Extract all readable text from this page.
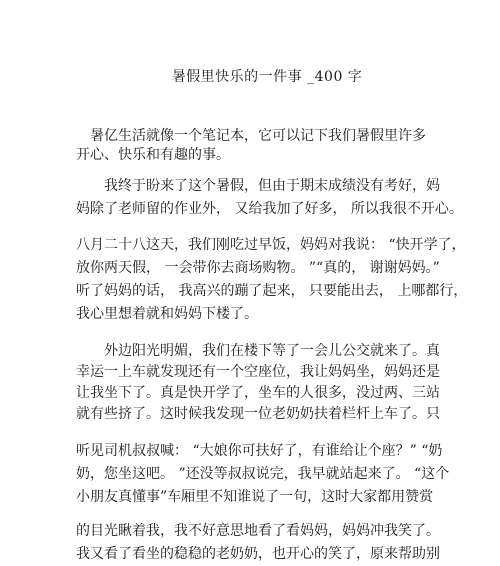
暑假里快乐的一件事 _400 字
暑亿生活就像一个笔记本，它可以记下我们暑假里许多
开心、快乐和有趣的事。
我终于盼来了这个暑假，但由于期末成绩没有考好，妈
妈除了老师留的作业外， 又给我加了好多， 所以我很不开心。
八月二十八这天，我们刚吃过早饭，妈妈对我说： “快开学了，
放你两天假， 一会带你去商场购物。 ”“真的， 谢谢妈妈。”
听了妈妈的话， 我高兴的蹦了起来， 只要能出去， 上哪都行，
我心里想着就和妈妈下楼了。
外边阳光明媚，我们在楼下等了一会儿公交就来了。真
幸运一上车就发现还有一个空座位，我让妈妈坐，妈妈还是
让我坐下了。真是快开学了，坐车的人很多，没过两、三站
就有些挤了。这时候我发现一位老奶奶扶着栏杆上车了。只
听见司机叔叔喊： “大娘你可扶好了，有谁给让个座？” “奶
奶，您坐这吧。 ”还没等叔叔说完，我早就站起来了。 “这个
小朋友真懂事”车厢里不知谁说了一句，这时大家都用赞赏
的目光瞅着我，我不好意思地看了看妈妈，妈妈冲我笑了。
我又看了看坐的稳稳的老奶奶，也开心的笑了，原来帮助别
